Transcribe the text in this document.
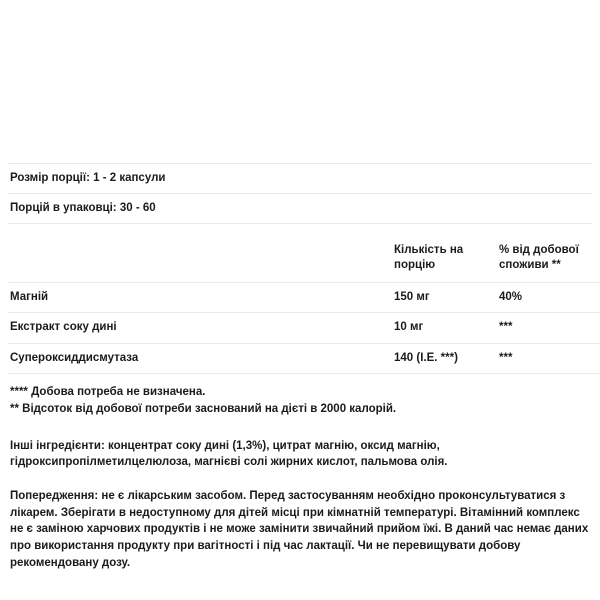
Розмір порції: 1 - 2 капсули
Порцій в упаковці: 30 - 60
	Кількість на порцію	% від добової споживи **
Магній	150 мг	40%
Екстракт соку дині	10 мг	***
Супероксиддисмутаза	140 (I.E. ***)	***
**** Добова потреба не визначена.
** Відсоток від добової потреби заснований на дієті в 2000 калорій.

Інші інгредієнти: концентрат соку дині (1,3%), цитрат магнію, оксид магнію, гідроксипропілметилцелюлоза, магнієві солі жирних кислот, пальмова олія.

Попередження: не є лікарським засобом. Перед застосуванням необхідно проконсультуватися з лікарем. Зберігати в недоступному для дітей місці при кімнатній температурі. Вітамінний комплекс не є заміною харчових продуктів і не може замінити звичайний прийом їжі. В даний час немає даних про використання продукту при вагітності і під час лактації. Чи не перевищувати добову рекомендовану дозу.
